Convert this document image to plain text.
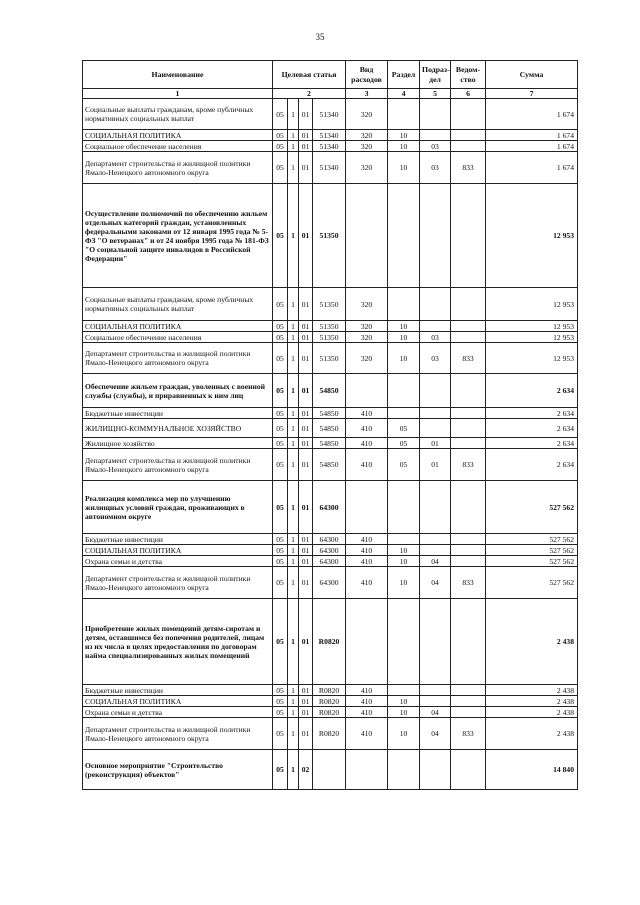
35
Наименование	Целевая статья				Вид расходов	Раздел	Подраз-дел	Ведом-ство	Сумма
1	2				3	4	5	6	7
Социальные выплаты гражданам, кроме публичных нормативных социальных выплат	05	1	01	51340	320				1 674
СОЦИАЛЬНАЯ ПОЛИТИКА	05	1	01	51340	320	10			1 674
Социальное обеспечение населения	05	1	01	51340	320	10	03		1 674
Департамент строительства и жилищной политики Ямало-Ненецкого автономного округа	05	1	01	51340	320	10	03	833	1 674
Осуществление полномочий по обеспечению жильем отдельных категорий граждан, установленных федеральными законами от 12 января 1995 года № 5-ФЗ "О ветеранах" и от 24 ноября 1995 года № 181-ФЗ "О социальной защите инвалидов в Российской Федерации"	05	1	01	51350					12 953
Социальные выплаты гражданам, кроме публичных нормативных социальных выплат	05	1	01	51350	320				12 953
СОЦИАЛЬНАЯ ПОЛИТИКА	05	1	01	51350	320	10			12 953
Социальное обеспечение населения	05	1	01	51350	320	10	03		12 953
Департамент строительства и жилищной политики Ямало-Ненецкого автономного округа	05	1	01	51350	320	10	03	833	12 953
Обеспечение жильем граждан, уволенных с военной службы (службы), и приравненных к ним лиц	05	1	01	54850					2 634
Бюджетные инвестиции	05	1	01	54850	410				2 634
ЖИЛИЩНО-КОММУНАЛЬНОЕ ХОЗЯЙСТВО	05	1	01	54850	410	05			2 634
Жилищное хозяйство	05	1	01	54850	410	05	01		2 634
Департамент строительства и жилищной политики Ямало-Ненецкого автономного округа	05	1	01	54850	410	05	01	833	2 634
Реализация комплекса мер по улучшению жилищных условий граждан, проживающих в автономном округе	05	1	01	64300					527 562
Бюджетные инвестиции	05	1	01	64300	410				527 562
СОЦИАЛЬНАЯ ПОЛИТИКА	05	1	01	64300	410	10			527 562
Охрана семьи и детства	05	1	01	64300	410	10	04		527 562
Департамент строительства и жилищной политики Ямало-Ненецкого автономного округа	05	1	01	64300	410	10	04	833	527 562
Приобретение жилых помещений детям-сиротам и детям, оставшимся без попечения родителей, лицам из их числа в целях предоставления по договорам найма специализированных жилых помещений	05	1	01	R0820					2 438
Бюджетные инвестиции	05	1	01	R0820	410				2 438
СОЦИАЛЬНАЯ ПОЛИТИКА	05	1	01	R0820	410	10			2 438
Охрана семьи и детства	05	1	01	R0820	410	10	04		2 438
Департамент строительства и жилищной политики Ямало-Ненецкого автономного округа	05	1	01	R0820	410	10	04	833	2 438
Основное мероприятие "Строительство (реконструкция) объектов"	05	1	02						14 840
